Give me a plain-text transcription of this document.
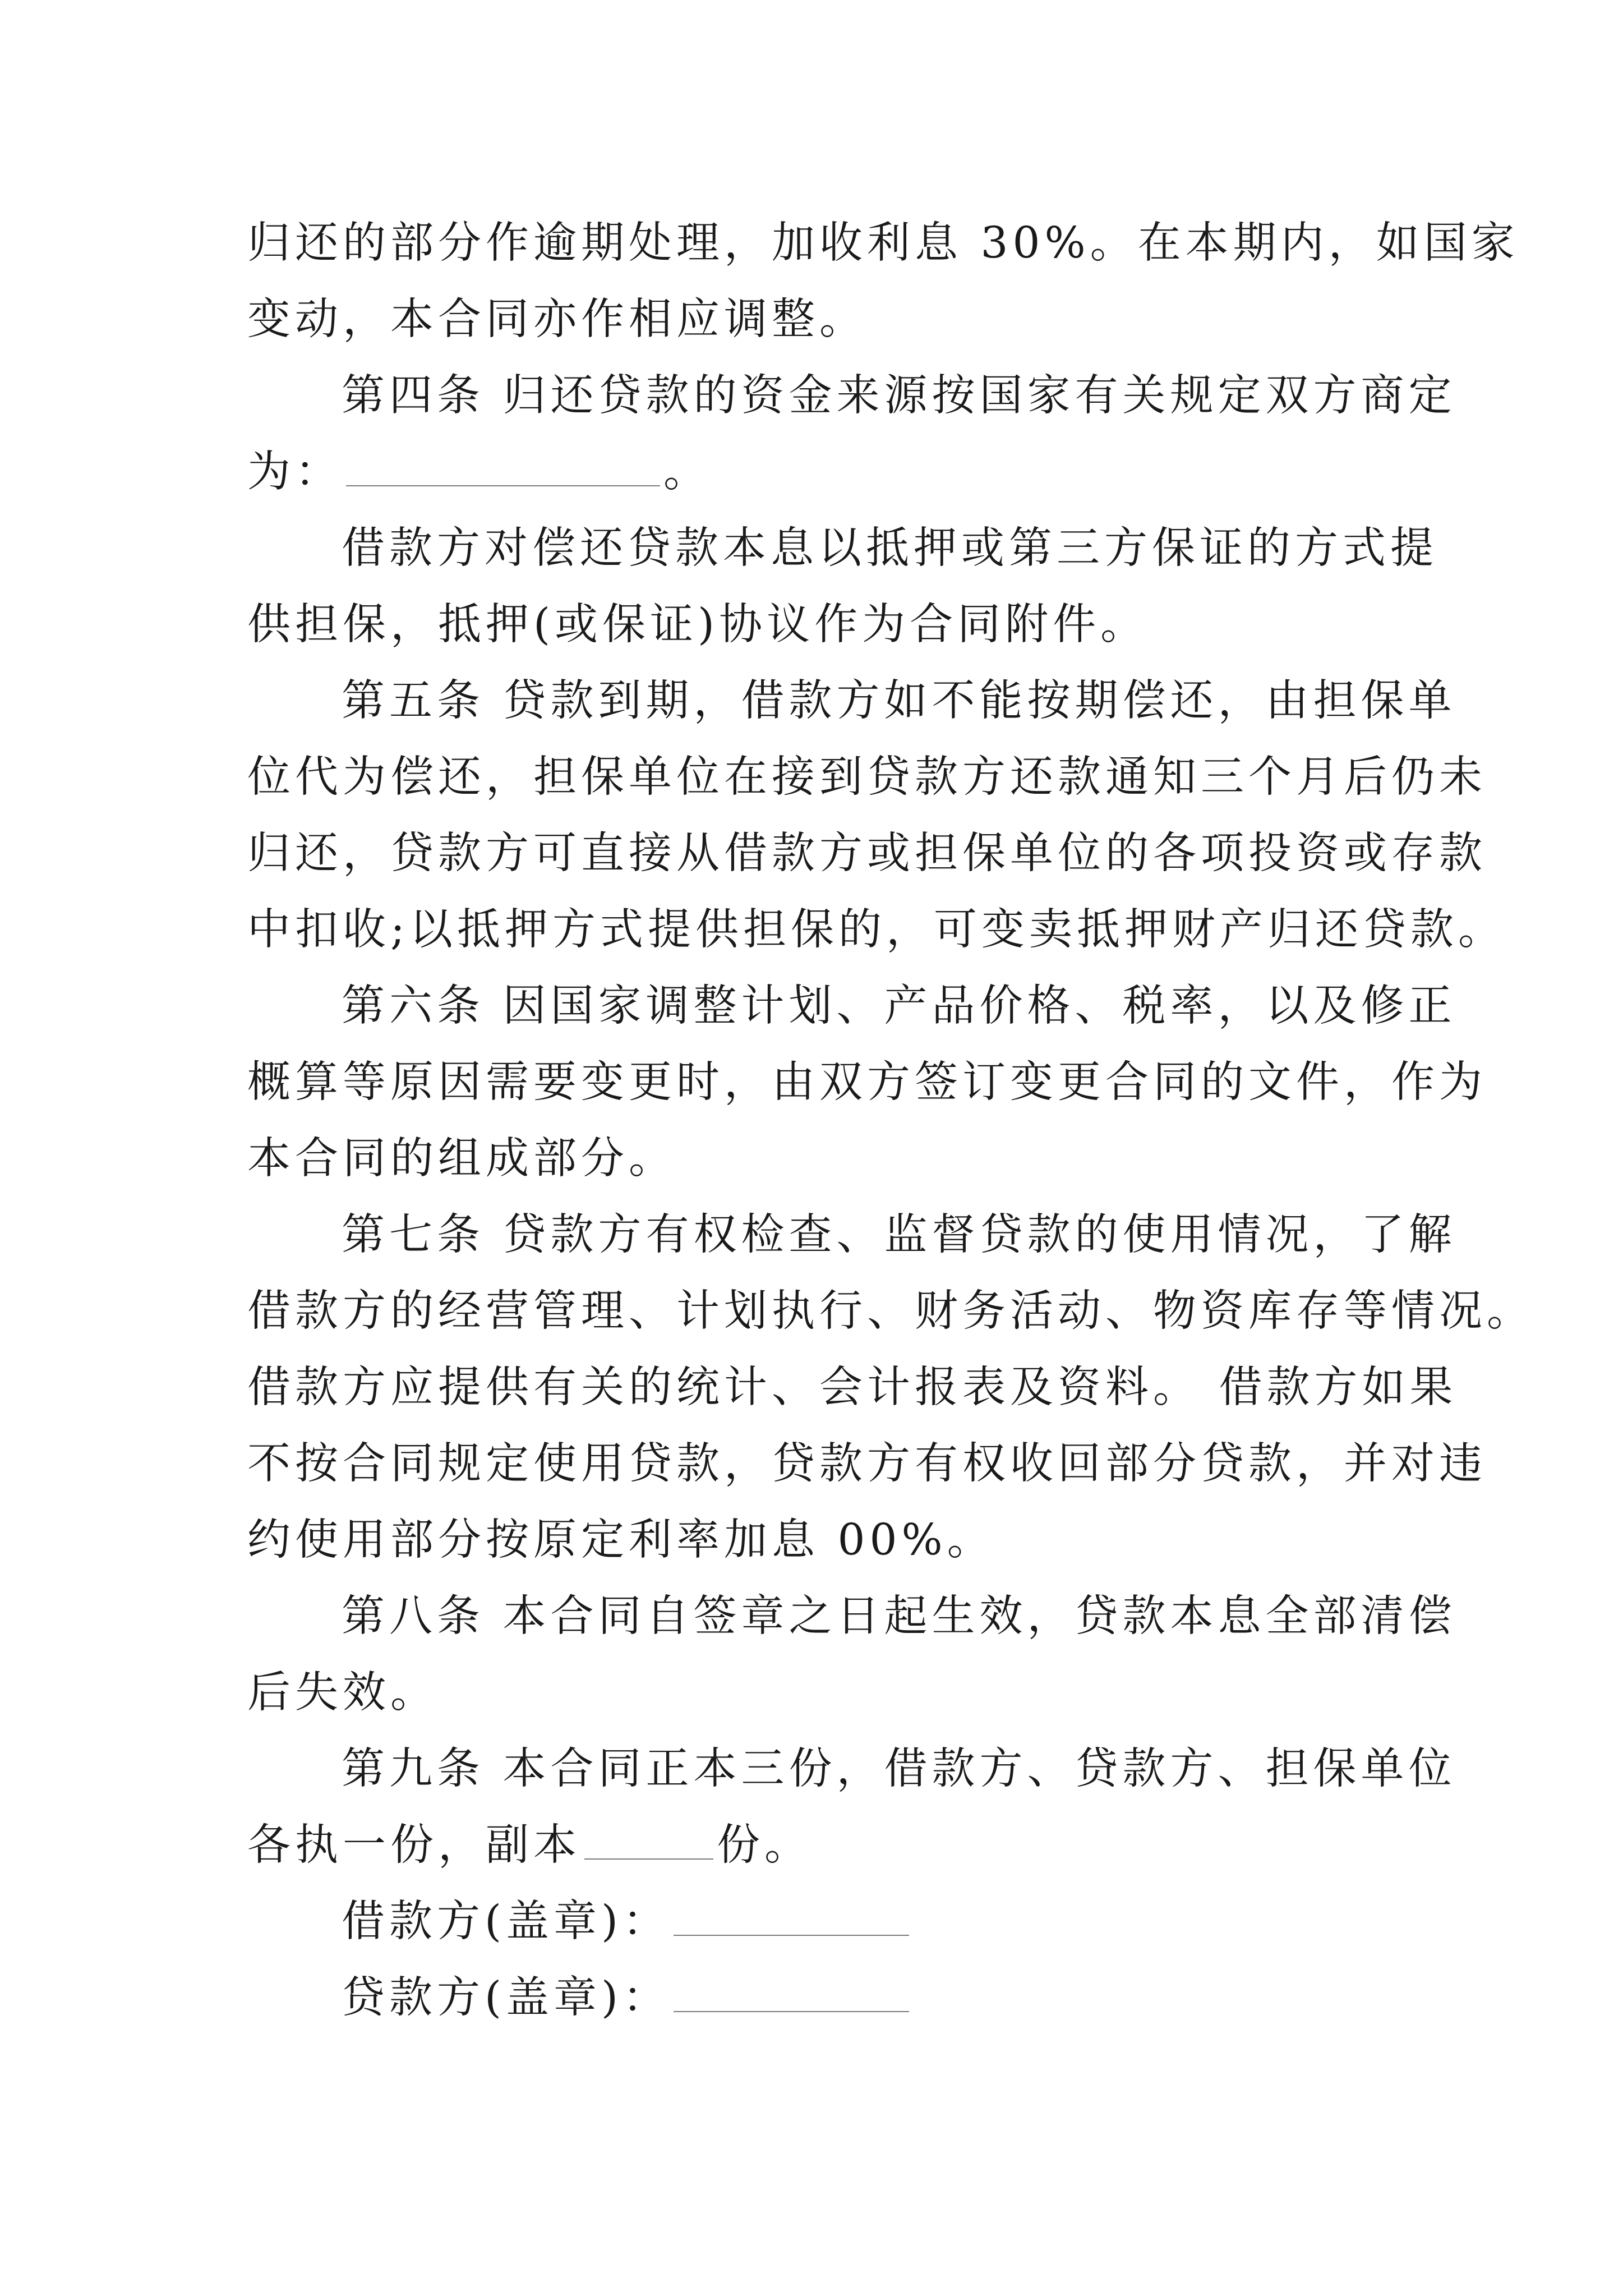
归还的部分作逾期处理，加收利息 30%。在本期内，如国家
变动，本合同亦作相应调整。
第四条 归还贷款的资金来源按国家有关规定双方商定
为：	。
借款方对偿还贷款本息以抵押或第三方保证的方式提
供担保，抵押(或保证)协议作为合同附件。
第五条 贷款到期，借款方如不能按期偿还，由担保单
位代为偿还，担保单位在接到贷款方还款通知三个月后仍未
归还，贷款方可直接从借款方或担保单位的各项投资或存款
中扣收;以抵押方式提供担保的，可变卖抵押财产归还贷款。
第六条 因国家调整计划、产品价格、税率，以及修正
概算等原因需要变更时，由双方签订变更合同的文件，作为
本合同的组成部分。
第七条 贷款方有权检查、监督贷款的使用情况，了解
借款方的经营管理、计划执行、财务活动、物资库存等情况。
借款方应提供有关的统计、会计报表及资料。 借款方如果
不按合同规定使用贷款，贷款方有权收回部分贷款，并对违
约使用部分按原定利率加息 00%。
第八条 本合同自签章之日起生效，贷款本息全部清偿
后失效。
第九条 本合同正本三份，借款方、贷款方、担保单位
各执一份，副本	份。
借款方(盖章)：
贷款方(盖章)：
